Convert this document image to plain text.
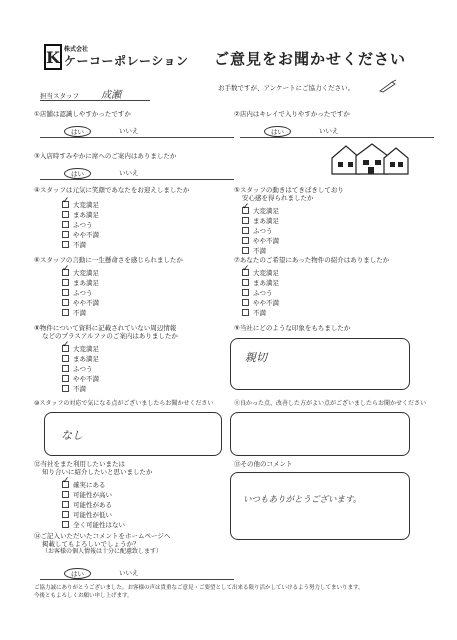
K 株式会社
ケーコーポレーション ご意見をお聞かせください
お手数ですが、アンケートにご協力ください。
担当スタッフ 成瀬
①店舗は認識しやすかったですか
はい	いいえ
②店内はキレイで入りやすかったですか
はい	いいえ
③入店時すみやかに席へのご案内はありましたか
はい	いいえ
④スタッフは元気に笑顔であなたをお迎えしましたか
✓大変満足
まあ満足
ふつう
やや不満
不満
⑤スタッフの動きはてきぱきしており
安心感を得られましたか
✓大変満足
まあ満足
ふつう
やや不満
不満
⑥スタッフの言動に一生懸命さを感じられましたか
✓大変満足
まあ満足
ふつう
やや不満
不満
⑦あなたのご希望にあった物件の紹介はありましたか
✓大変満足
まあ満足
ふつう
やや不満
不満
⑧物件について資料に記載されていない周辺情報
などのプラスアルファのご案内はありましたか
✓大変満足
まあ満足
ふつう
やや不満
不満
⑨当社にどのような印象をもちましたか
親切
⑩スタッフの対応で気になる点がございましたらお聞かせください
なし
⑪良かった点、改善した方がよい点がございましたらお聞かせください
⑫当社をまた利用したいまたは
知り合いに紹介したいと思いましたか
✓確実にある
可能性が高い
可能性がある
可能性が低い
全く可能性はない
⑬その他のコメント
いつもありがとうございます。
⑭ご記入いただいたコメントをホームページへ
掲載してもよろしいでしょうか？
（お客様の個人情報は十分に配慮致します）
はい	いいえ
ご協力誠にありがとうございました。お客様の声は貴重なご意見・ご要望として出来る限り活かしていけるよう努力してまいります。
今後ともよろしくお願い申し上げます。
